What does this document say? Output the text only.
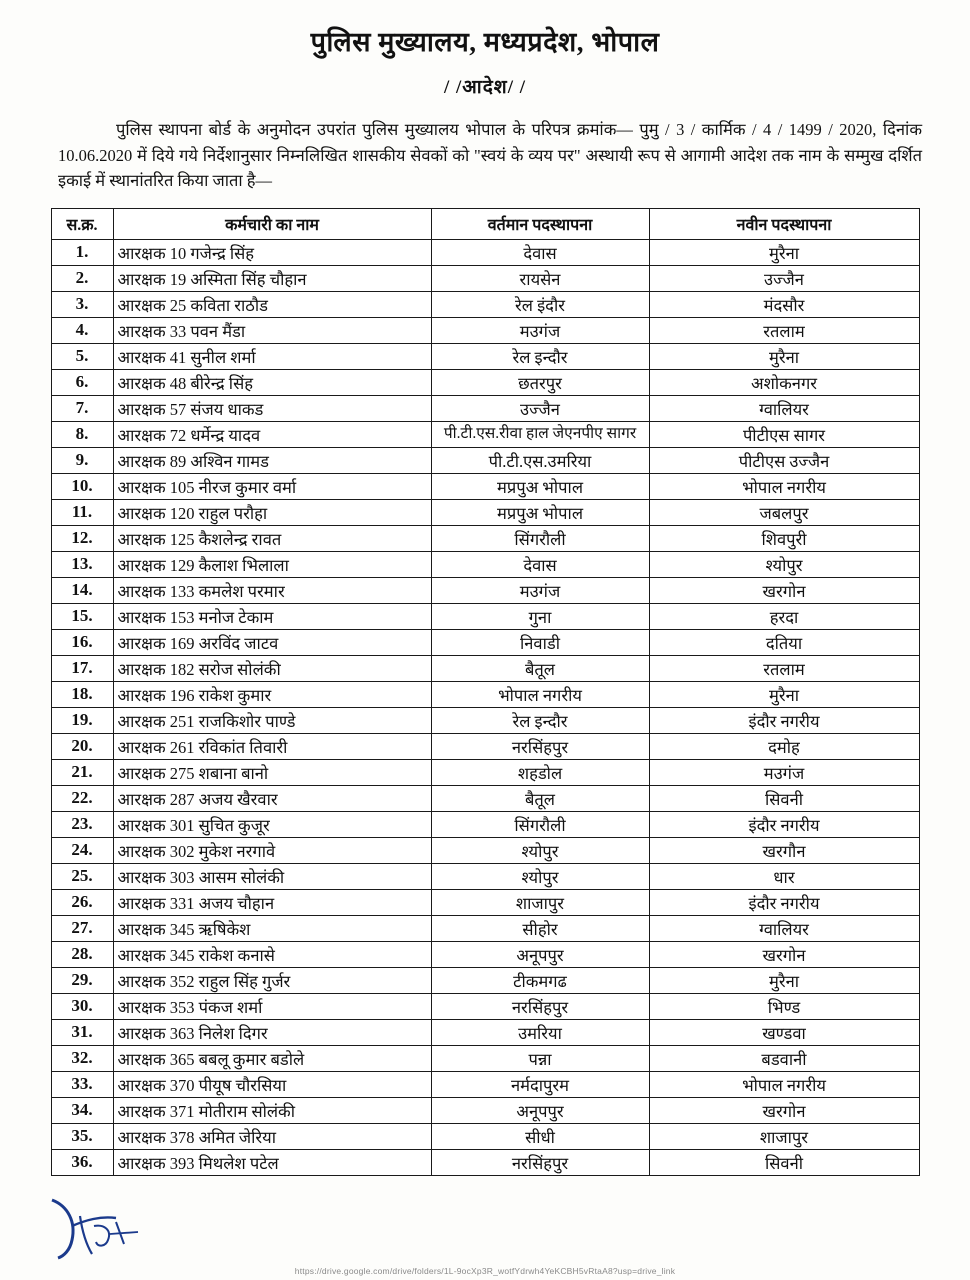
पुलिस मुख्यालय, मध्यप्रदेश, भोपाल
/ /आदेश/ /
पुलिस स्थापना बोर्ड के अनुमोदन उपरांत पुलिस मुख्यालय भोपाल के परिपत्र क्रमांक— पुमु / 3 / कार्मिक / 4 / 1499 / 2020, दिनांक 10.06.2020 में दिये गये निर्देशानुसार निम्नलिखित शासकीय सेवकों को "स्वयं के व्यय पर" अस्थायी रूप से आगामी आदेश तक नाम के सम्मुख दर्शित इकाई में स्थानांतरित किया जाता है—
स.क्र.	कर्मचारी का नाम	वर्तमान पदस्थापना	नवीन पदस्थापना
1.	आरक्षक 10 गजेन्द्र सिंह	देवास	मुरैना
2.	आरक्षक 19 अस्मिता सिंह चौहान	रायसेन	उज्जैन
3.	आरक्षक 25 कविता राठौड	रेल इंदौर	मंदसौर
4.	आरक्षक 33 पवन मैंडा	मउगंज	रतलाम
5.	आरक्षक 41 सुनील शर्मा	रेल इन्दौर	मुरैना
6.	आरक्षक 48 बीरेन्द्र सिंह	छतरपुर	अशोकनगर
7.	आरक्षक 57 संजय धाकड	उज्जैन	ग्वालियर
8.	आरक्षक 72 धर्मेन्द्र यादव	पी.टी.एस.रीवा हाल जेएनपीए सागर	पीटीएस सागर
9.	आरक्षक 89 अश्विन गामड	पी.टी.एस.उमरिया	पीटीएस उज्जैन
10.	आरक्षक 105 नीरज कुमार वर्मा	मप्रपुअ भोपाल	भोपाल नगरीय
11.	आरक्षक 120 राहुल परौहा	मप्रपुअ भोपाल	जबलपुर
12.	आरक्षक 125 कैशलेन्द्र रावत	सिंगरौली	शिवपुरी
13.	आरक्षक 129 कैलाश भिलाला	देवास	श्योपुर
14.	आरक्षक 133 कमलेश परमार	मउगंज	खरगोन
15.	आरक्षक 153 मनोज टेकाम	गुना	हरदा
16.	आरक्षक 169 अरविंद जाटव	निवाडी	दतिया
17.	आरक्षक 182 सरोज सोलंकी	बैतूल	रतलाम
18.	आरक्षक 196 राकेश कुमार	भोपाल नगरीय	मुरैना
19.	आरक्षक 251 राजकिशोर पाण्डे	रेल इन्दौर	इंदौर नगरीय
20.	आरक्षक 261 रविकांत तिवारी	नरसिंहपुर	दमोह
21.	आरक्षक 275 शबाना बानो	शहडोल	मउगंज
22.	आरक्षक 287 अजय खैरवार	बैतूल	सिवनी
23.	आरक्षक 301 सुचित कुजूर	सिंगरौली	इंदौर नगरीय
24.	आरक्षक 302 मुकेश नरगावे	श्योपुर	खरगौन
25.	आरक्षक 303 आसम सोलंकी	श्योपुर	धार
26.	आरक्षक 331 अजय चौहान	शाजापुर	इंदौर नगरीय
27.	आरक्षक 345 ऋषिकेश	सीहोर	ग्वालियर
28.	आरक्षक 345 राकेश कनासे	अनूपपुर	खरगोन
29.	आरक्षक 352 राहुल सिंह गुर्जर	टीकमगढ	मुरैना
30.	आरक्षक 353 पंकज शर्मा	नरसिंहपुर	भिण्ड
31.	आरक्षक 363 निलेश दिगर	उमरिया	खण्डवा
32.	आरक्षक 365 बबलू कुमार बडोले	पन्ना	बडवानी
33.	आरक्षक 370 पीयूष चौरसिया	नर्मदापुरम	भोपाल नगरीय
34.	आरक्षक 371 मोतीराम सोलंकी	अनूपपुर	खरगोन
35.	आरक्षक 378 अमित जेरिया	सीधी	शाजापुर
36.	आरक्षक 393 मिथलेश पटेल	नरसिंहपुर	सिवनी
https://drive.google.com/drive/folders/1L-9ocXp3R_wotfYdrwh4YeKCBH5vRtaA8?usp=drive_link
